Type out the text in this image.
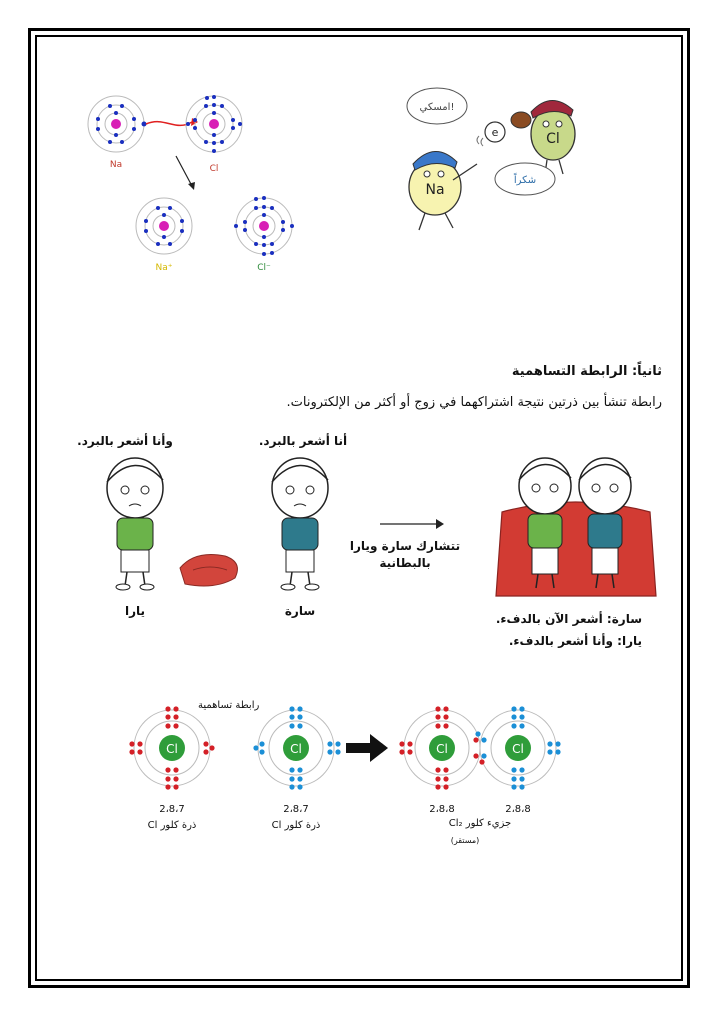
Na	Cl
Na⁺	Cl⁻
امسكي!
Na
e	Cl
شكراً
ثانياً: الرابطة التساهمية
رابطة تنشأ بين ذرتين نتيجة اشتراكهما في زوج أو أكثر من الإلكترونات.
وأنا أشعر بالبرد.	أنا أشعر بالبرد.
يارا	سارة
تتشارك سارة ويارا
بالبطانية
سارة: أشعر الآن بالدفء.
يارا: وأنا أشعر بالدفء.
رابطة تساهمية
Cl	Cl	Cl	Cl
2،8،7	2،8،7	2،8،8	2،8،8
ذرة كلور Cl	ذرة كلور Cl	جزيء كلور Cl₂
(مستقر)
